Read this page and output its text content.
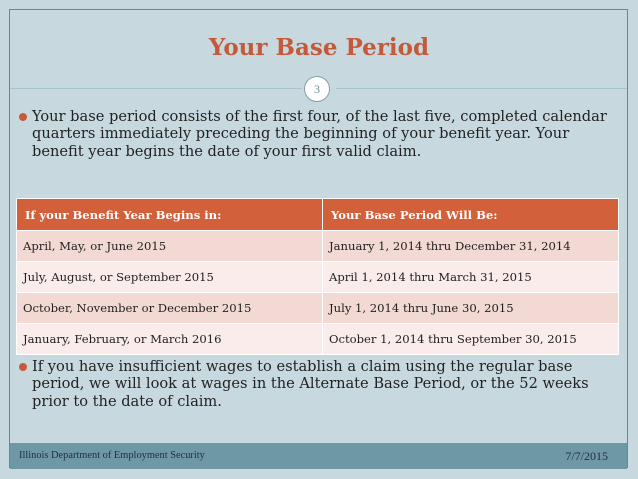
Your Base Period
3
Your base period consists of the first four, of the last five, completed calendar quarters immediately preceding the beginning of your benefit year. Your benefit year begins the date of your first valid claim.
If your Benefit Year Begins in:	Your Base Period Will Be:
April, May, or June 2015	January 1, 2014 thru December 31, 2014
July, August, or September 2015	April 1, 2014 thru March 31, 2015
October, November or December 2015	July 1, 2014 thru June 30, 2015
January, February, or March 2016	October 1, 2014 thru September 30, 2015
If you have insufficient wages to establish a claim using the regular base period, we will look at wages in the Alternate Base Period, or the 52 weeks prior to the date of claim.
Illinois Department of Employment Security	7/7/2015
